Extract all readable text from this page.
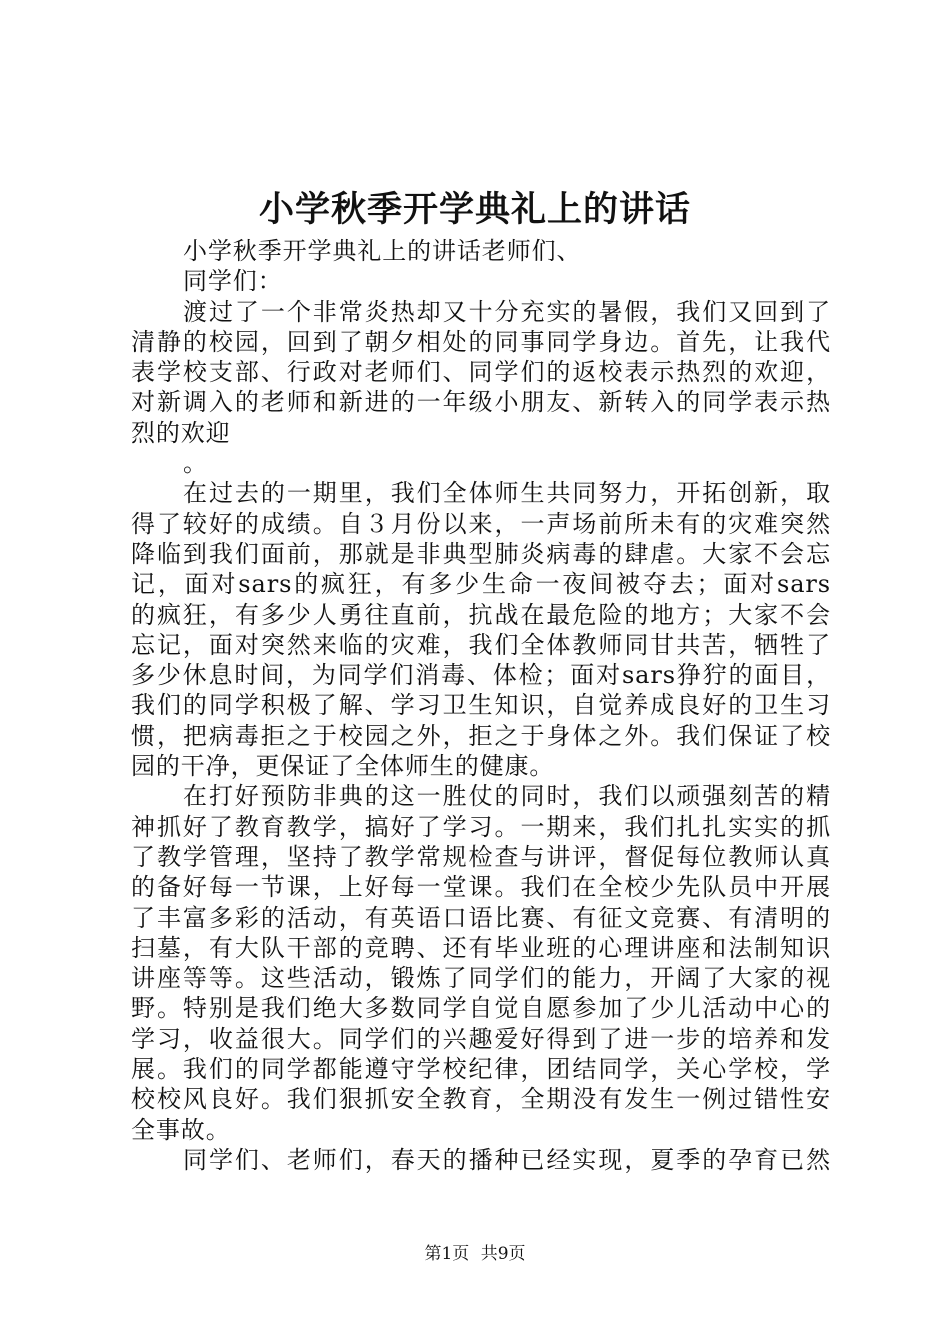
小学秋季开学典礼上的讲话
小学秋季开学典礼上的讲话老师们、
同学们：
渡过了一个非常炎热却又十分充实的暑假，我们又回到了
清静的校园，回到了朝夕相处的同事同学身边。首先，让我代
表学校支部、行政对老师们、同学们的返校表示热烈的欢迎，
对新调入的老师和新进的一年级小朋友、新转入的同学表示热
烈的欢迎
。
在过去的一期里，我们全体师生共同努力，开拓创新，取
得了较好的成绩。自３月份以来，一声场前所未有的灾难突然
降临到我们面前，那就是非典型肺炎病毒的肆虐。大家不会忘
记，面对sars的疯狂，有多少生命一夜间被夺去；面对sars
的疯狂，有多少人勇往直前，抗战在最危险的地方；大家不会
忘记，面对突然来临的灾难，我们全体教师同甘共苦，牺牲了
多少休息时间，为同学们消毒、体检；面对sars狰狞的面目，
我们的同学积极了解、学习卫生知识，自觉养成良好的卫生习
惯，把病毒拒之于校园之外，拒之于身体之外。我们保证了校
园的干净，更保证了全体师生的健康。
在打好预防非典的这一胜仗的同时，我们以顽强刻苦的精
神抓好了教育教学，搞好了学习。一期来，我们扎扎实实的抓
了教学管理，坚持了教学常规检查与讲评，督促每位教师认真
的备好每一节课，上好每一堂课。我们在全校少先队员中开展
了丰富多彩的活动，有英语口语比赛、有征文竞赛、有清明的
扫墓，有大队干部的竞聘、还有毕业班的心理讲座和法制知识
讲座等等。这些活动，锻炼了同学们的能力，开阔了大家的视
野。特别是我们绝大多数同学自觉自愿参加了少儿活动中心的
学习，收益很大。同学们的兴趣爱好得到了进一步的培养和发
展。我们的同学都能遵守学校纪律，团结同学，关心学校，学
校校风良好。我们狠抓安全教育，全期没有发生一例过错性安
全事故。
同学们、老师们，春天的播种已经实现，夏季的孕育已然
第1页 共9页
